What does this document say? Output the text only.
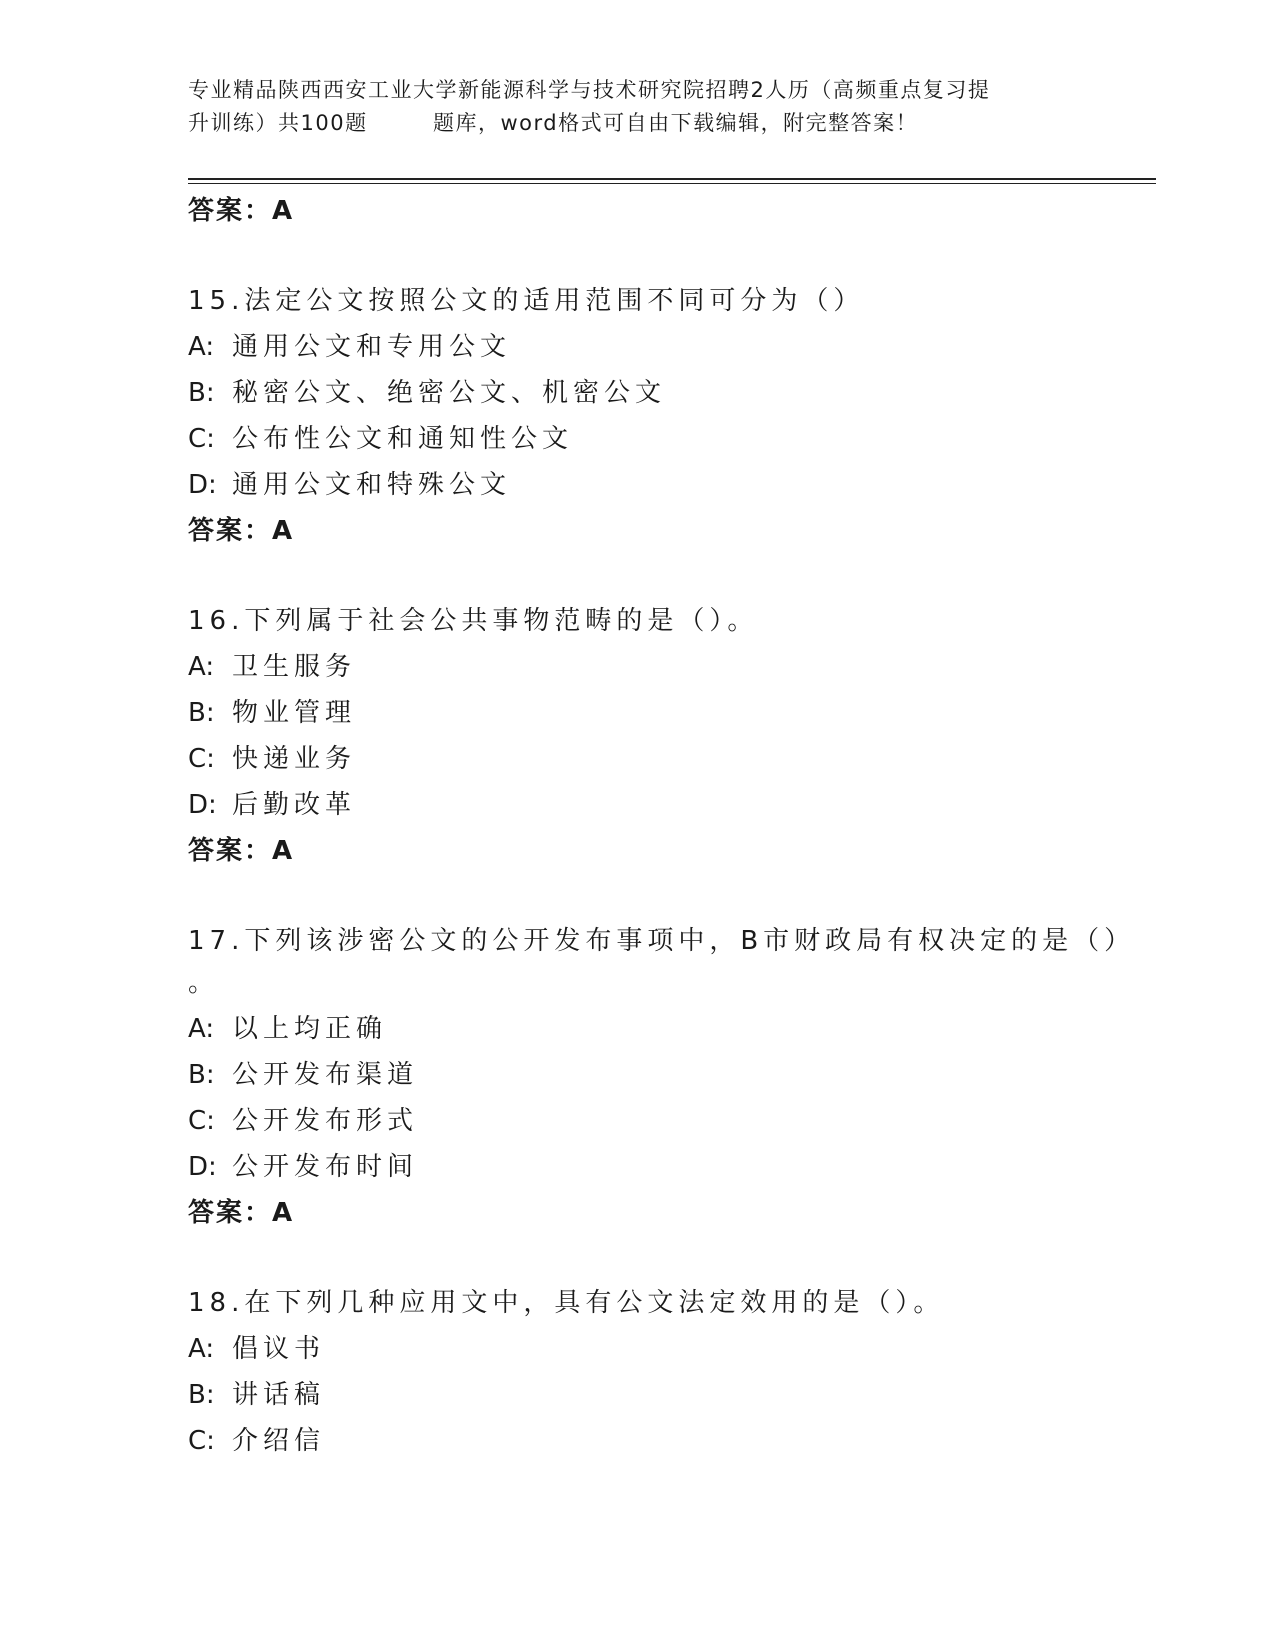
专业精品陕西西安工业大学新能源科学与技术研究院招聘2人历（高频重点复习提
升训练）共100题        题库，word格式可自由下载编辑，附完整答案！
答案：A
15.法定公文按照公文的适用范围不同可分为（）
A: 通用公文和专用公文
B: 秘密公文、绝密公文、机密公文
C: 公布性公文和通知性公文
D: 通用公文和特殊公文
答案：A
16.下列属于社会公共事物范畴的是（）。
A: 卫生服务
B: 物业管理
C: 快递业务
D: 后勤改革
答案：A
17.下列该涉密公文的公开发布事项中，B市财政局有权决定的是（）
。
A: 以上均正确
B: 公开发布渠道
C: 公开发布形式
D: 公开发布时间
答案：A
18.在下列几种应用文中，具有公文法定效用的是（）。
A: 倡议书
B: 讲话稿
C: 介绍信
